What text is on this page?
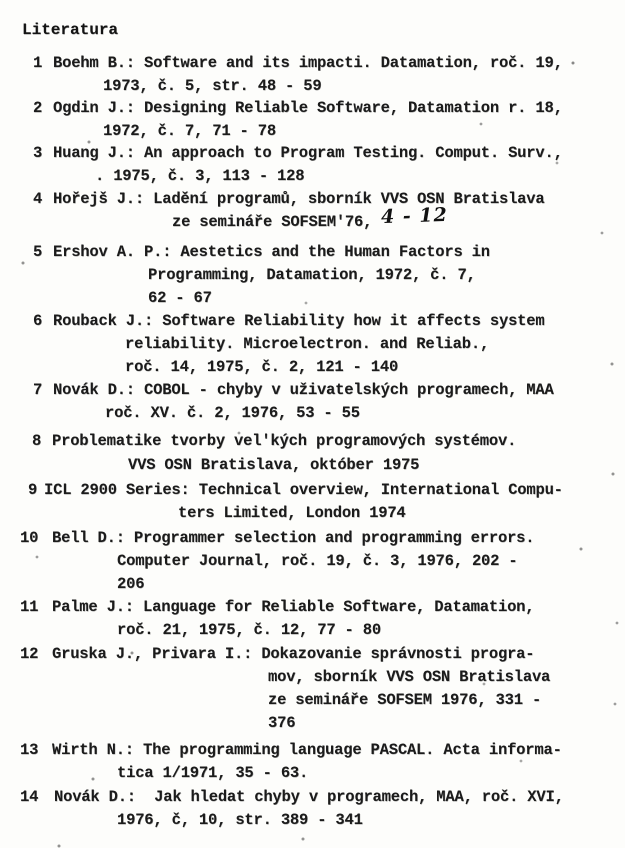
Literatura
1 Boehm B.: Software and its impacti. Datamation, roč. 19,
1973, č. 5, str. 48 - 59
2 Ogdin J.: Designing Reliable Software, Datamation r. 18,
1972, č. 7, 71 - 78
3 Huang J.: An approach to Program Testing. Comput. Surv.,
. 1975, č. 3, 113 - 128
4 Hořejš J.: Ladění programů, sborník VVS OSN Bratislava
ze semináře SOFSEM'76, 4 - 12
5 Ershov A. P.: Aestetics and the Human Factors in
Programming, Datamation, 1972, č. 7,
62 - 67
6 Rouback J.: Software Reliability how it affects system
reliability. Microelectron. and Reliab.,
roč. 14, 1975, č. 2, 121 - 140
7 Novák D.: COBOL - chyby v uživatelských programech, MAA
roč. XV. č. 2, 1976, 53 - 55
8 Problematike tvorby vel'kých programových systémov.
VVS OSN Bratislava, október 1975
9 ICL 2900 Series: Technical overview, International Compu-
ters Limited, London 1974
10 Bell D.: Programmer selection and programming errors.
Computer Journal, roč. 19, č. 3, 1976, 202 -
206
11 Palme J.: Language for Reliable Software, Datamation,
roč. 21, 1975, č. 12, 77 - 80
12 Gruska J., Privara I.: Dokazovanie správnosti progra-
mov, sborník VVS OSN Bratislava
ze semináře SOFSEM 1976, 331 -
376
13 Wirth N.: The programming language PASCAL. Acta informa-
tica 1/1971, 35 - 63.
14 Novák D.:  Jak hledat chyby v programech, MAA, roč. XVI,
1976, č, 10, str. 389 - 341
